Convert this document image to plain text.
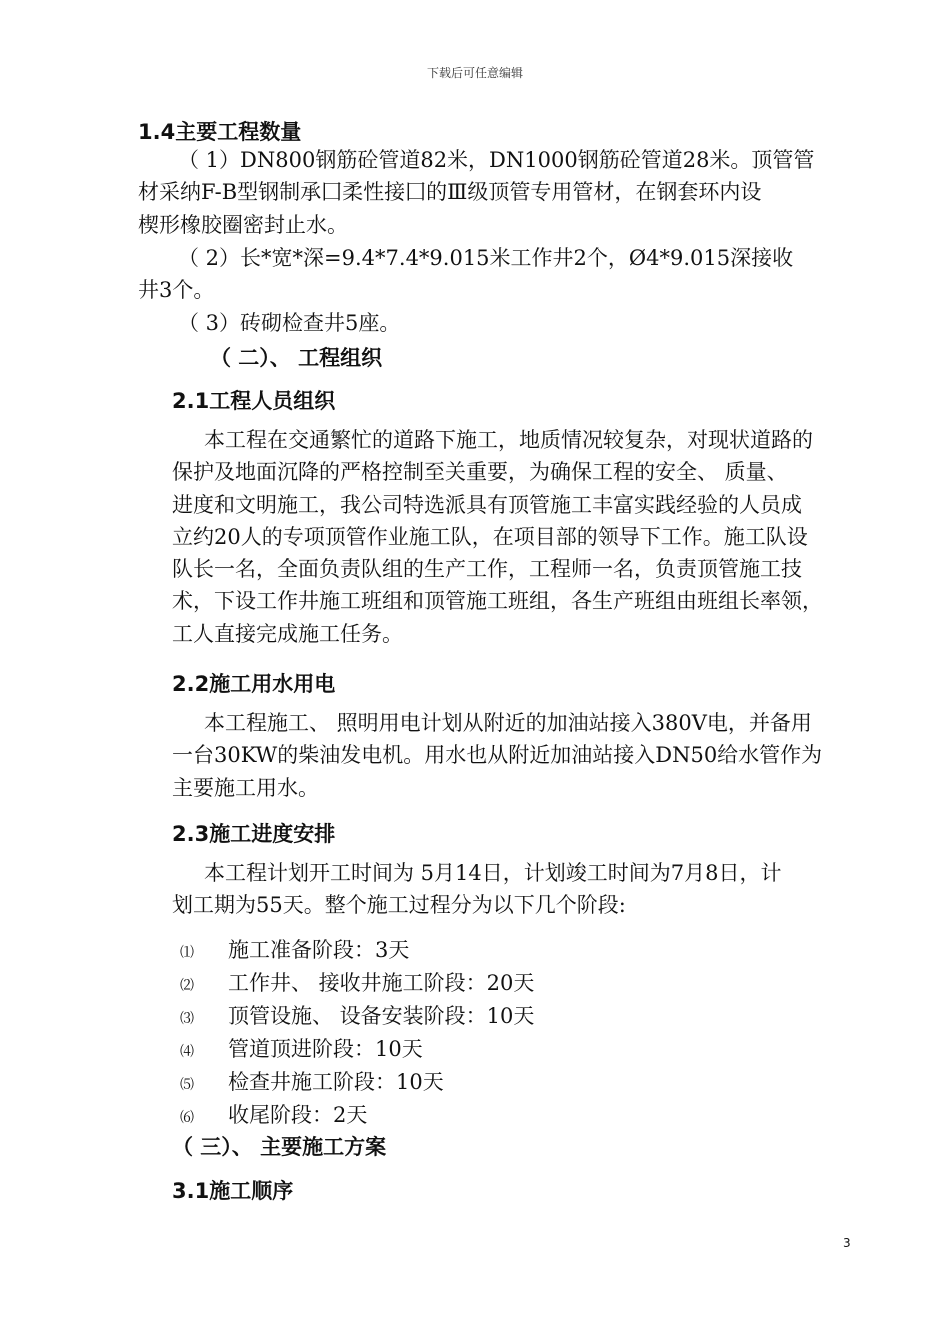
下载后可任意编辑
1.4主要工程数量
（ 1）DN800钢筋砼管道82米，DN1000钢筋砼管道28米。顶管管
材采纳F-B型钢制承囗柔性接囗的Ⅲ级顶管专用管材，在钢套环内设
楔形橡胶圈密封止水。
（ 2）长*宽*深=9.4*7.4*9.015米工作井2个，Ø4*9.015深接收
井3个。
（ 3）砖砌检查井5座。
（ 二）、 工程组织
2.1工程人员组织
本工程在交通繁忙的道路下施工，地质情况较复杂，对现状道路的
保护及地面沉降的严格控制至关重要，为确保工程的安全、 质量、
进度和文明施工，我公司特选派具有顶管施工丰富实践经验的人员成
立约20人的专项顶管作业施工队，在项目部的领导下工作。施工队设
队长一名，全面负责队组的生产工作，工程师一名，负责顶管施工技
术，下设工作井施工班组和顶管施工班组，各生产班组由班组长率领，
工人直接完成施工任务。
2.2施工用水用电
本工程施工、 照明用电计划从附近的加油站接入380V电，并备用
一台30KW的柴油发电机。用水也从附近加油站接入DN50给水管作为
主要施工用水。
2.3施工进度安排
本工程计划开工时间为 5月14日，计划竣工时间为7月8日，计
划工期为55天。整个施工过程分为以下几个阶段:
⑴ 施工准备阶段：3天
⑵ 工作井、 接收井施工阶段：20天
⑶ 顶管设施、 设备安装阶段：10天
⑷ 管道顶进阶段：10天
⑸ 检查井施工阶段：10天
⑹ 收尾阶段：2天
（ 三）、 主要施工方案
3.1施工顺序
3
